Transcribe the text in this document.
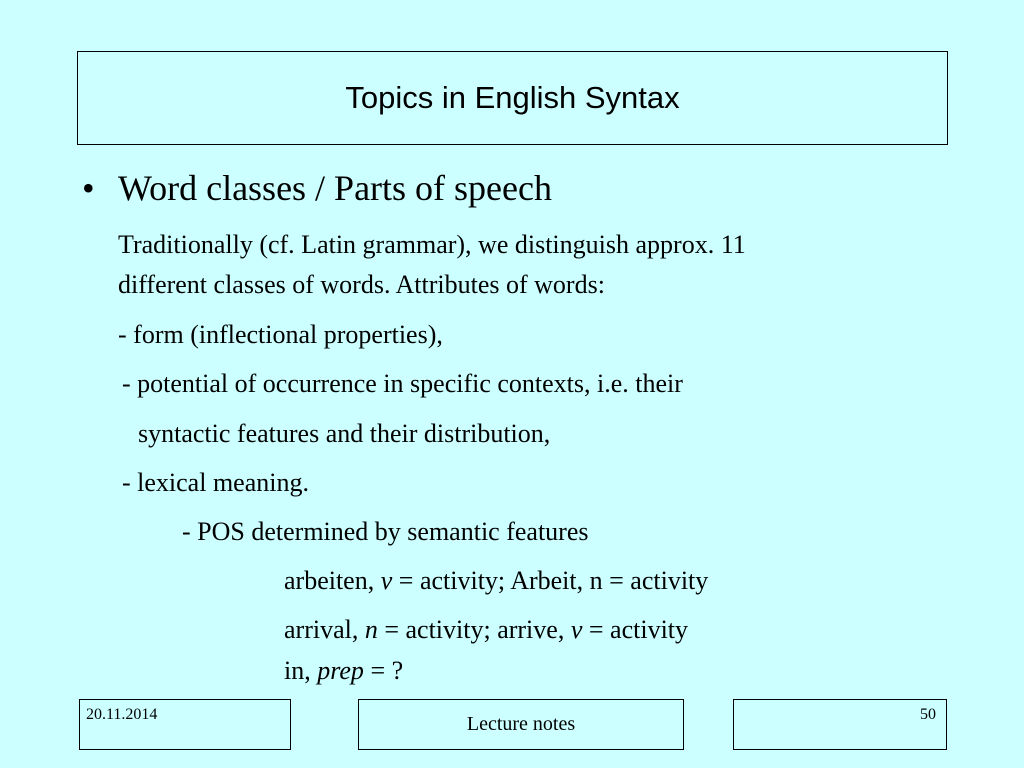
Topics in English Syntax
• Word classes / Parts of speech
Traditionally (cf. Latin grammar), we distinguish approx. 11
different classes of words. Attributes of words:
- form (inflectional properties),
- potential of occurrence in specific contexts, i.e. their
syntactic features and their distribution,
- lexical meaning.
- POS determined by semantic features
arbeiten, v = activity; Arbeit, n = activity
arrival, n = activity; arrive, v = activity
in, prep = ?
20.11.2014	Lecture notes	50
